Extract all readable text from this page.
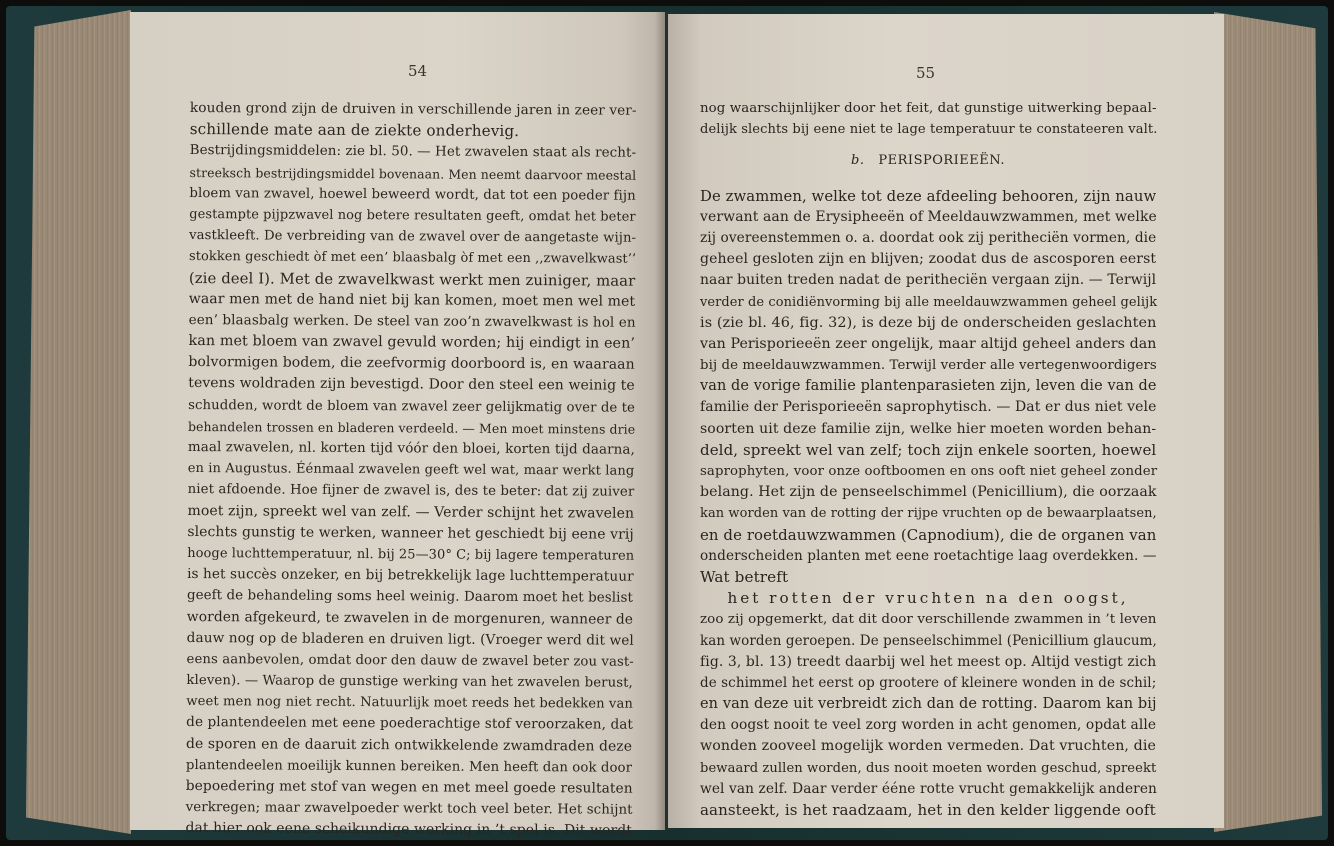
54
kouden grond zijn de druiven in verschillende jaren in zeer ver-
schillende mate aan de ziekte onderhevig.
Bestrijdingsmiddelen: zie bl. 50. — Het zwavelen staat als recht-
streeksch bestrijdingsmiddel bovenaan. Men neemt daarvoor meestal
bloem van zwavel, hoewel beweerd wordt, dat tot een poeder fijn
gestampte pijpzwavel nog betere resultaten geeft, omdat het beter
vastkleeft. De verbreiding van de zwavel over de aangetaste wijn-
stokken geschiedt òf met een’ blaasbalg òf met een ,,zwavelkwast’’
(zie deel I). Met de zwavelkwast werkt men zuiniger, maar
waar men met de hand niet bij kan komen, moet men wel met
een’ blaasbalg werken. De steel van zoo’n zwavelkwast is hol en
kan met bloem van zwavel gevuld worden; hij eindigt in een’
bolvormigen bodem, die zeefvormig doorboord is, en waaraan
tevens woldraden zijn bevestigd. Door den steel een weinig te
schudden, wordt de bloem van zwavel zeer gelijkmatig over de te
behandelen trossen en bladeren verdeeld. — Men moet minstens drie
maal zwavelen, nl. korten tijd vóór den bloei, korten tijd daarna,
en in Augustus. Éénmaal zwavelen geeft wel wat, maar werkt lang
niet afdoende. Hoe fijner de zwavel is, des te beter: dat zij zuiver
moet zijn, spreekt wel van zelf. — Verder schijnt het zwavelen
slechts gunstig te werken, wanneer het geschiedt bij eene vrij
hooge luchttemperatuur, nl. bij 25—30° C; bij lagere temperaturen
is het succès onzeker, en bij betrekkelijk lage luchttemperatuur
geeft de behandeling soms heel weinig. Daarom moet het beslist
worden afgekeurd, te zwavelen in de morgenuren, wanneer de
dauw nog op de bladeren en druiven ligt. (Vroeger werd dit wel
eens aanbevolen, omdat door den dauw de zwavel beter zou vast-
kleven). — Waarop de gunstige werking van het zwavelen berust,
weet men nog niet recht. Natuurlijk moet reeds het bedekken van
de plantendeelen met eene poederachtige stof veroorzaken, dat
de sporen en de daaruit zich ontwikkelende zwamdraden deze
plantendeelen moeilijk kunnen bereiken. Men heeft dan ook door
bepoedering met stof van wegen en met meel goede resultaten
verkregen; maar zwavelpoeder werkt toch veel beter. Het schijnt
dat hier ook eene scheikundige werking in ’t spel is. Dit wordt
55
nog waarschijnlijker door het feit, dat gunstige uitwerking bepaal-
delijk slechts bij eene niet te lage temperatuur te constateeren valt.
b. PERISPORIEEËN.
De zwammen, welke tot deze afdeeling behooren, zijn nauw
verwant aan de Erysipheeën of Meeldauwzwammen, met welke
zij overeenstemmen o. a. doordat ook zij peritheciën vormen, die
geheel gesloten zijn en blijven; zoodat dus de ascosporen eerst
naar buiten treden nadat de peritheciën vergaan zijn. — Terwijl
verder de conidiënvorming bij alle meeldauwzwammen geheel gelijk
is (zie bl. 46, fig. 32), is deze bij de onderscheiden geslachten
van Perisporieeën zeer ongelijk, maar altijd geheel anders dan
bij de meeldauwzwammen. Terwijl verder alle vertegenwoordigers
van de vorige familie plantenparasieten zijn, leven die van de
familie der Perisporieeën saprophytisch. — Dat er dus niet vele
soorten uit deze familie zijn, welke hier moeten worden behan-
deld, spreekt wel van zelf; toch zijn enkele soorten, hoewel
saprophyten, voor onze ooftboomen en ons ooft niet geheel zonder
belang. Het zijn de penseelschimmel (Penicillium), die oorzaak
kan worden van de rotting der rijpe vruchten op de bewaarplaatsen,
en de roetdauwzwammen (Capnodium), die de organen van
onderscheiden planten met eene roetachtige laag overdekken. —
Wat betreft
het rotten der vruchten na den oogst,
zoo zij opgemerkt, dat dit door verschillende zwammen in ’t leven
kan worden geroepen. De penseelschimmel (Penicillium glaucum,
fig. 3, bl. 13) treedt daarbij wel het meest op. Altijd vestigt zich
de schimmel het eerst op grootere of kleinere wonden in de schil;
en van deze uit verbreidt zich dan de rotting. Daarom kan bij
den oogst nooit te veel zorg worden in acht genomen, opdat alle
wonden zooveel mogelijk worden vermeden. Dat vruchten, die
bewaard zullen worden, dus nooit moeten worden geschud, spreekt
wel van zelf. Daar verder ééne rotte vrucht gemakkelijk anderen
aansteekt, is het raadzaam, het in den kelder liggende ooft
